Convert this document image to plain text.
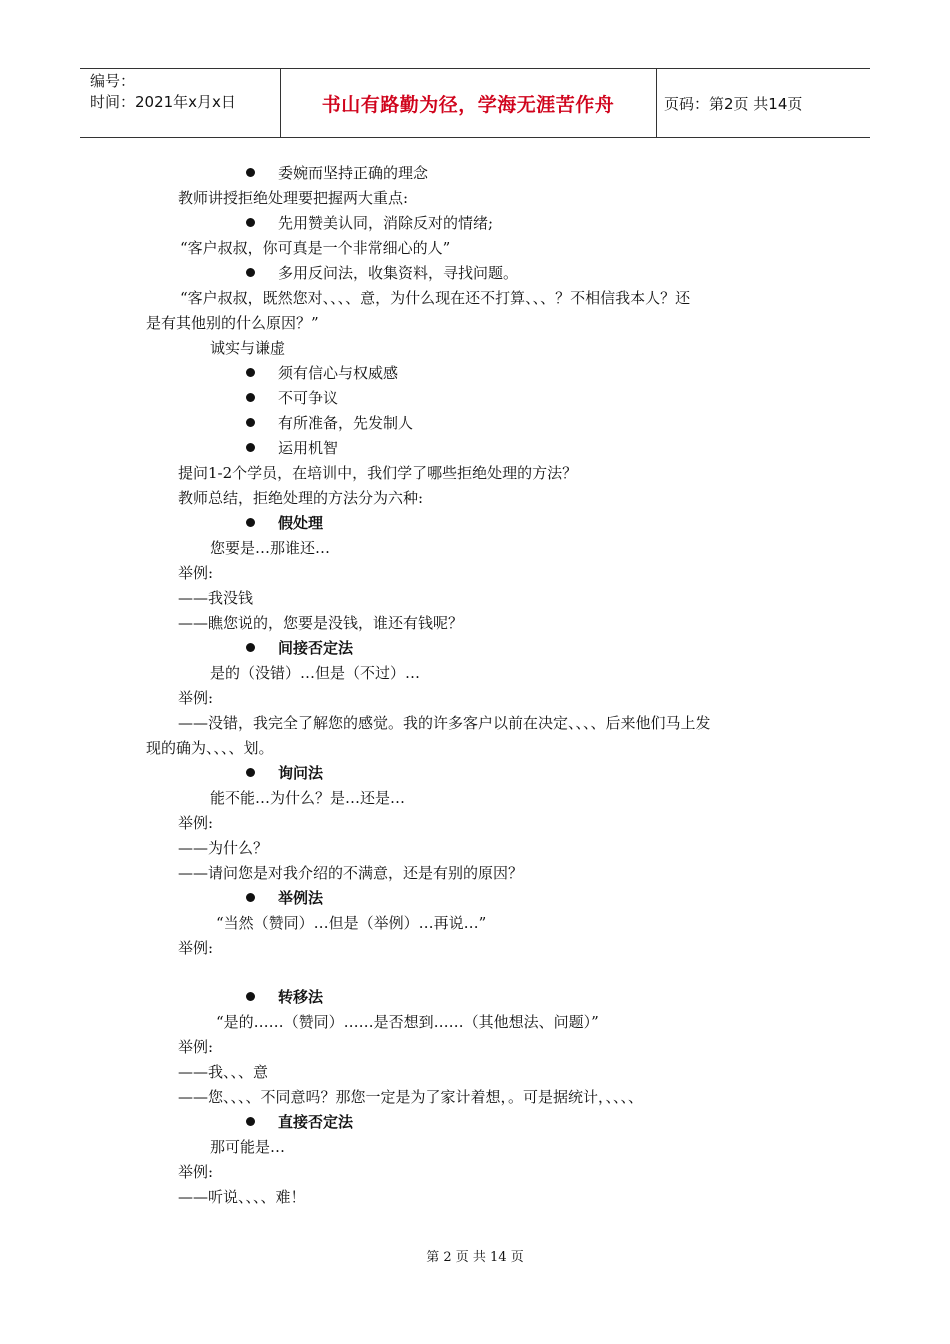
编号：
时间：2021年x月x日	书山有路勤为径，学海无涯苦作舟	页码：第2页 共14页
委婉而坚持正确的理念
教师讲授拒绝处理要把握两大重点:
先用赞美认同，消除反对的情绪;
“客户叔叔，你可真是一个非常细心的人”
多用反问法，收集资料，寻找问题。
“客户叔叔，既然您对、、、、意，为什么现在还不打算、、、？不相信我本人？还
是有其他别的什么原因？”
诚实与谦虚
须有信心与权威感
不可争议
有所准备，先发制人
运用机智
提问1-2个学员，在培训中，我们学了哪些拒绝处理的方法？
教师总结，拒绝处理的方法分为六种:
假处理
您要是…那谁还…
举例:
——我没钱
——瞧您说的，您要是没钱，谁还有钱呢？
间接否定法
是的（没错）…但是（不过）…
举例:
——没错，我完全了解您的感觉。我的许多客户以前在决定、、、、后来他们马上发
现的确为、、、、划。
询问法
能不能…为什么？是…还是…
举例:
——为什么？
——请问您是对我介绍的不满意，还是有别的原因？
举例法
“当然（赞同）…但是（举例）…再说…”
举例:
转移法
“是的……（赞同）……是否想到……（其他想法、问题）”
举例:
——我、、、意
——您、、、、不同意吗？那您一定是为了家计着想，。可是据统计，、、、、
直接否定法
那可能是…
举例:
——听说、、、、难！
第 2 页 共 14 页
